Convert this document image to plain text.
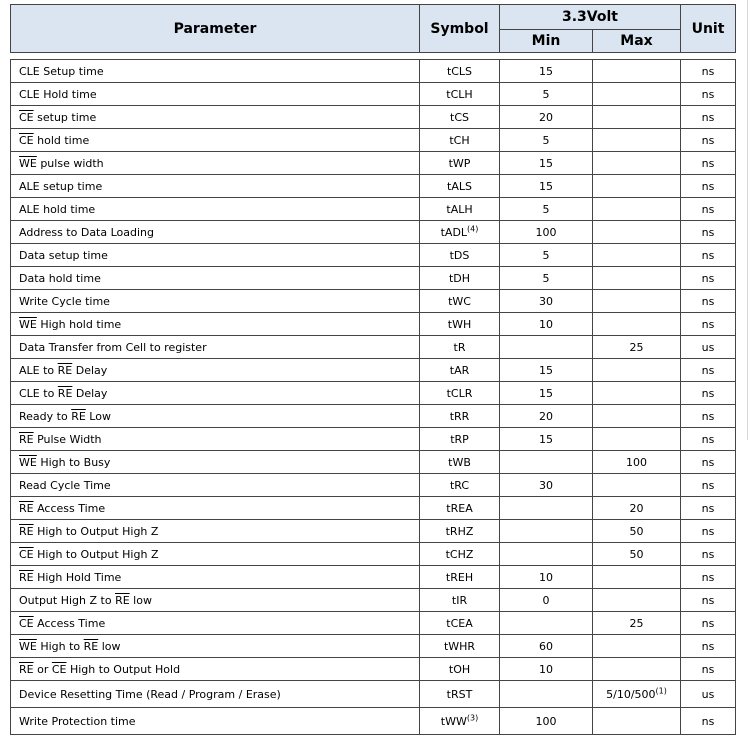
Parameter	Symbol	3.3Volt		Unit
		Min	Max	

CLE Setup time	tCLS	15		ns
CLE Hold time	tCLH	5		ns
$\overline{CE}$ setup time	tCS	20		ns
$\overline{CE}$ hold time	tCH	5		ns
$\overline{WE}$ pulse width	tWP	15		ns
ALE setup time	tALS	15		ns
ALE hold time	tALH	5		ns
Address to Data Loading	tADL$^{(4)}$	100		ns
Data setup time	tDS	5		ns
Data hold time	tDH	5		ns
Write Cycle time	tWC	30		ns
$\overline{WE}$ High hold time	tWH	10		ns
Data Transfer from Cell to register	tR		25	us
ALE to $\overline{RE}$ Delay	tAR	15		ns
CLE to $\overline{RE}$ Delay	tCLR	15		ns
Ready to $\overline{RE}$ Low	tRR	20		ns
$\overline{RE}$ Pulse Width	tRP	15		ns
$\overline{WE}$ High to Busy	tWB		100	ns
Read Cycle Time	tRC	30		ns
$\overline{RE}$ Access Time	tREA		20	ns
$\overline{RE}$ High to Output High Z	tRHZ		50	ns
$\overline{CE}$ High to Output High Z	tCHZ		50	ns
$\overline{RE}$ High Hold Time	tREH	10		ns
Output High Z to $\overline{RE}$ low	tIR	0		ns
$\overline{CE}$ Access Time	tCEA		25	ns
$\overline{WE}$ High to $\overline{RE}$ low	tWHR	60		ns
$\overline{RE}$ or $\overline{CE}$ High to Output Hold	tOH	10		ns
Device Resetting Time (Read / Program / Erase)	tRST		5/10/500$^{(1)}$	us
Write Protection time	tWW$^{(3)}$	100		ns
